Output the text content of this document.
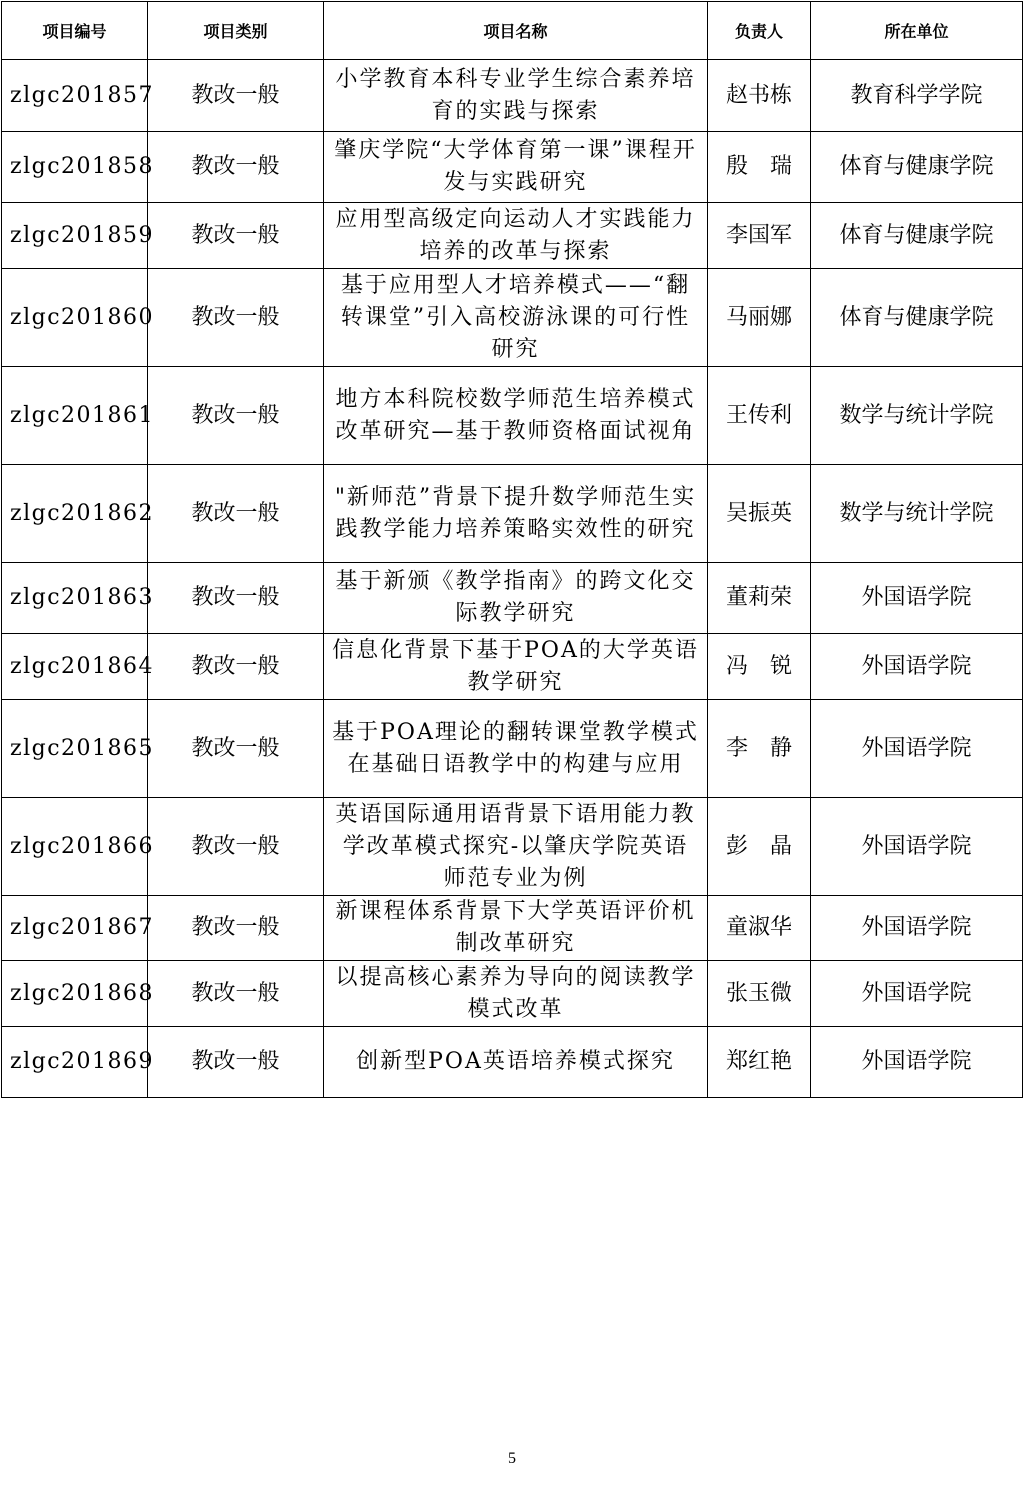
项目编号	项目类别	项目名称	负责人	所在单位
zlgc201857	教改一般	小学教育本科专业学生综合素养培育的实践与探索	赵书栋	教育科学学院
zlgc201858	教改一般	肇庆学院“大学体育第一课”课程开发与实践研究	殷　瑞	体育与健康学院
zlgc201859	教改一般	应用型高级定向运动人才实践能力培养的改革与探索	李国军	体育与健康学院
zlgc201860	教改一般	基于应用型人才培养模式——“翻转课堂”引入高校游泳课的可行性研究	马丽娜	体育与健康学院
zlgc201861	教改一般	地方本科院校数学师范生培养模式改革研究—基于教师资格面试视角	王传利	数学与统计学院
zlgc201862	教改一般	"新师范”背景下提升数学师范生实践教学能力培养策略实效性的研究	吴振英	数学与统计学院
zlgc201863	教改一般	基于新颁《教学指南》的跨文化交际教学研究	董莉荣	外国语学院
zlgc201864	教改一般	信息化背景下基于POA的大学英语教学研究	冯　锐	外国语学院
zlgc201865	教改一般	基于POA理论的翻转课堂教学模式在基础日语教学中的构建与应用	李　静	外国语学院
zlgc201866	教改一般	英语国际通用语背景下语用能力教学改革模式探究-以肇庆学院英语师范专业为例	彭　晶	外国语学院
zlgc201867	教改一般	新课程体系背景下大学英语评价机制改革研究	童淑华	外国语学院
zlgc201868	教改一般	以提高核心素养为导向的阅读教学模式改革	张玉微	外国语学院
zlgc201869	教改一般	创新型POA英语培养模式探究	郑红艳	外国语学院
5
